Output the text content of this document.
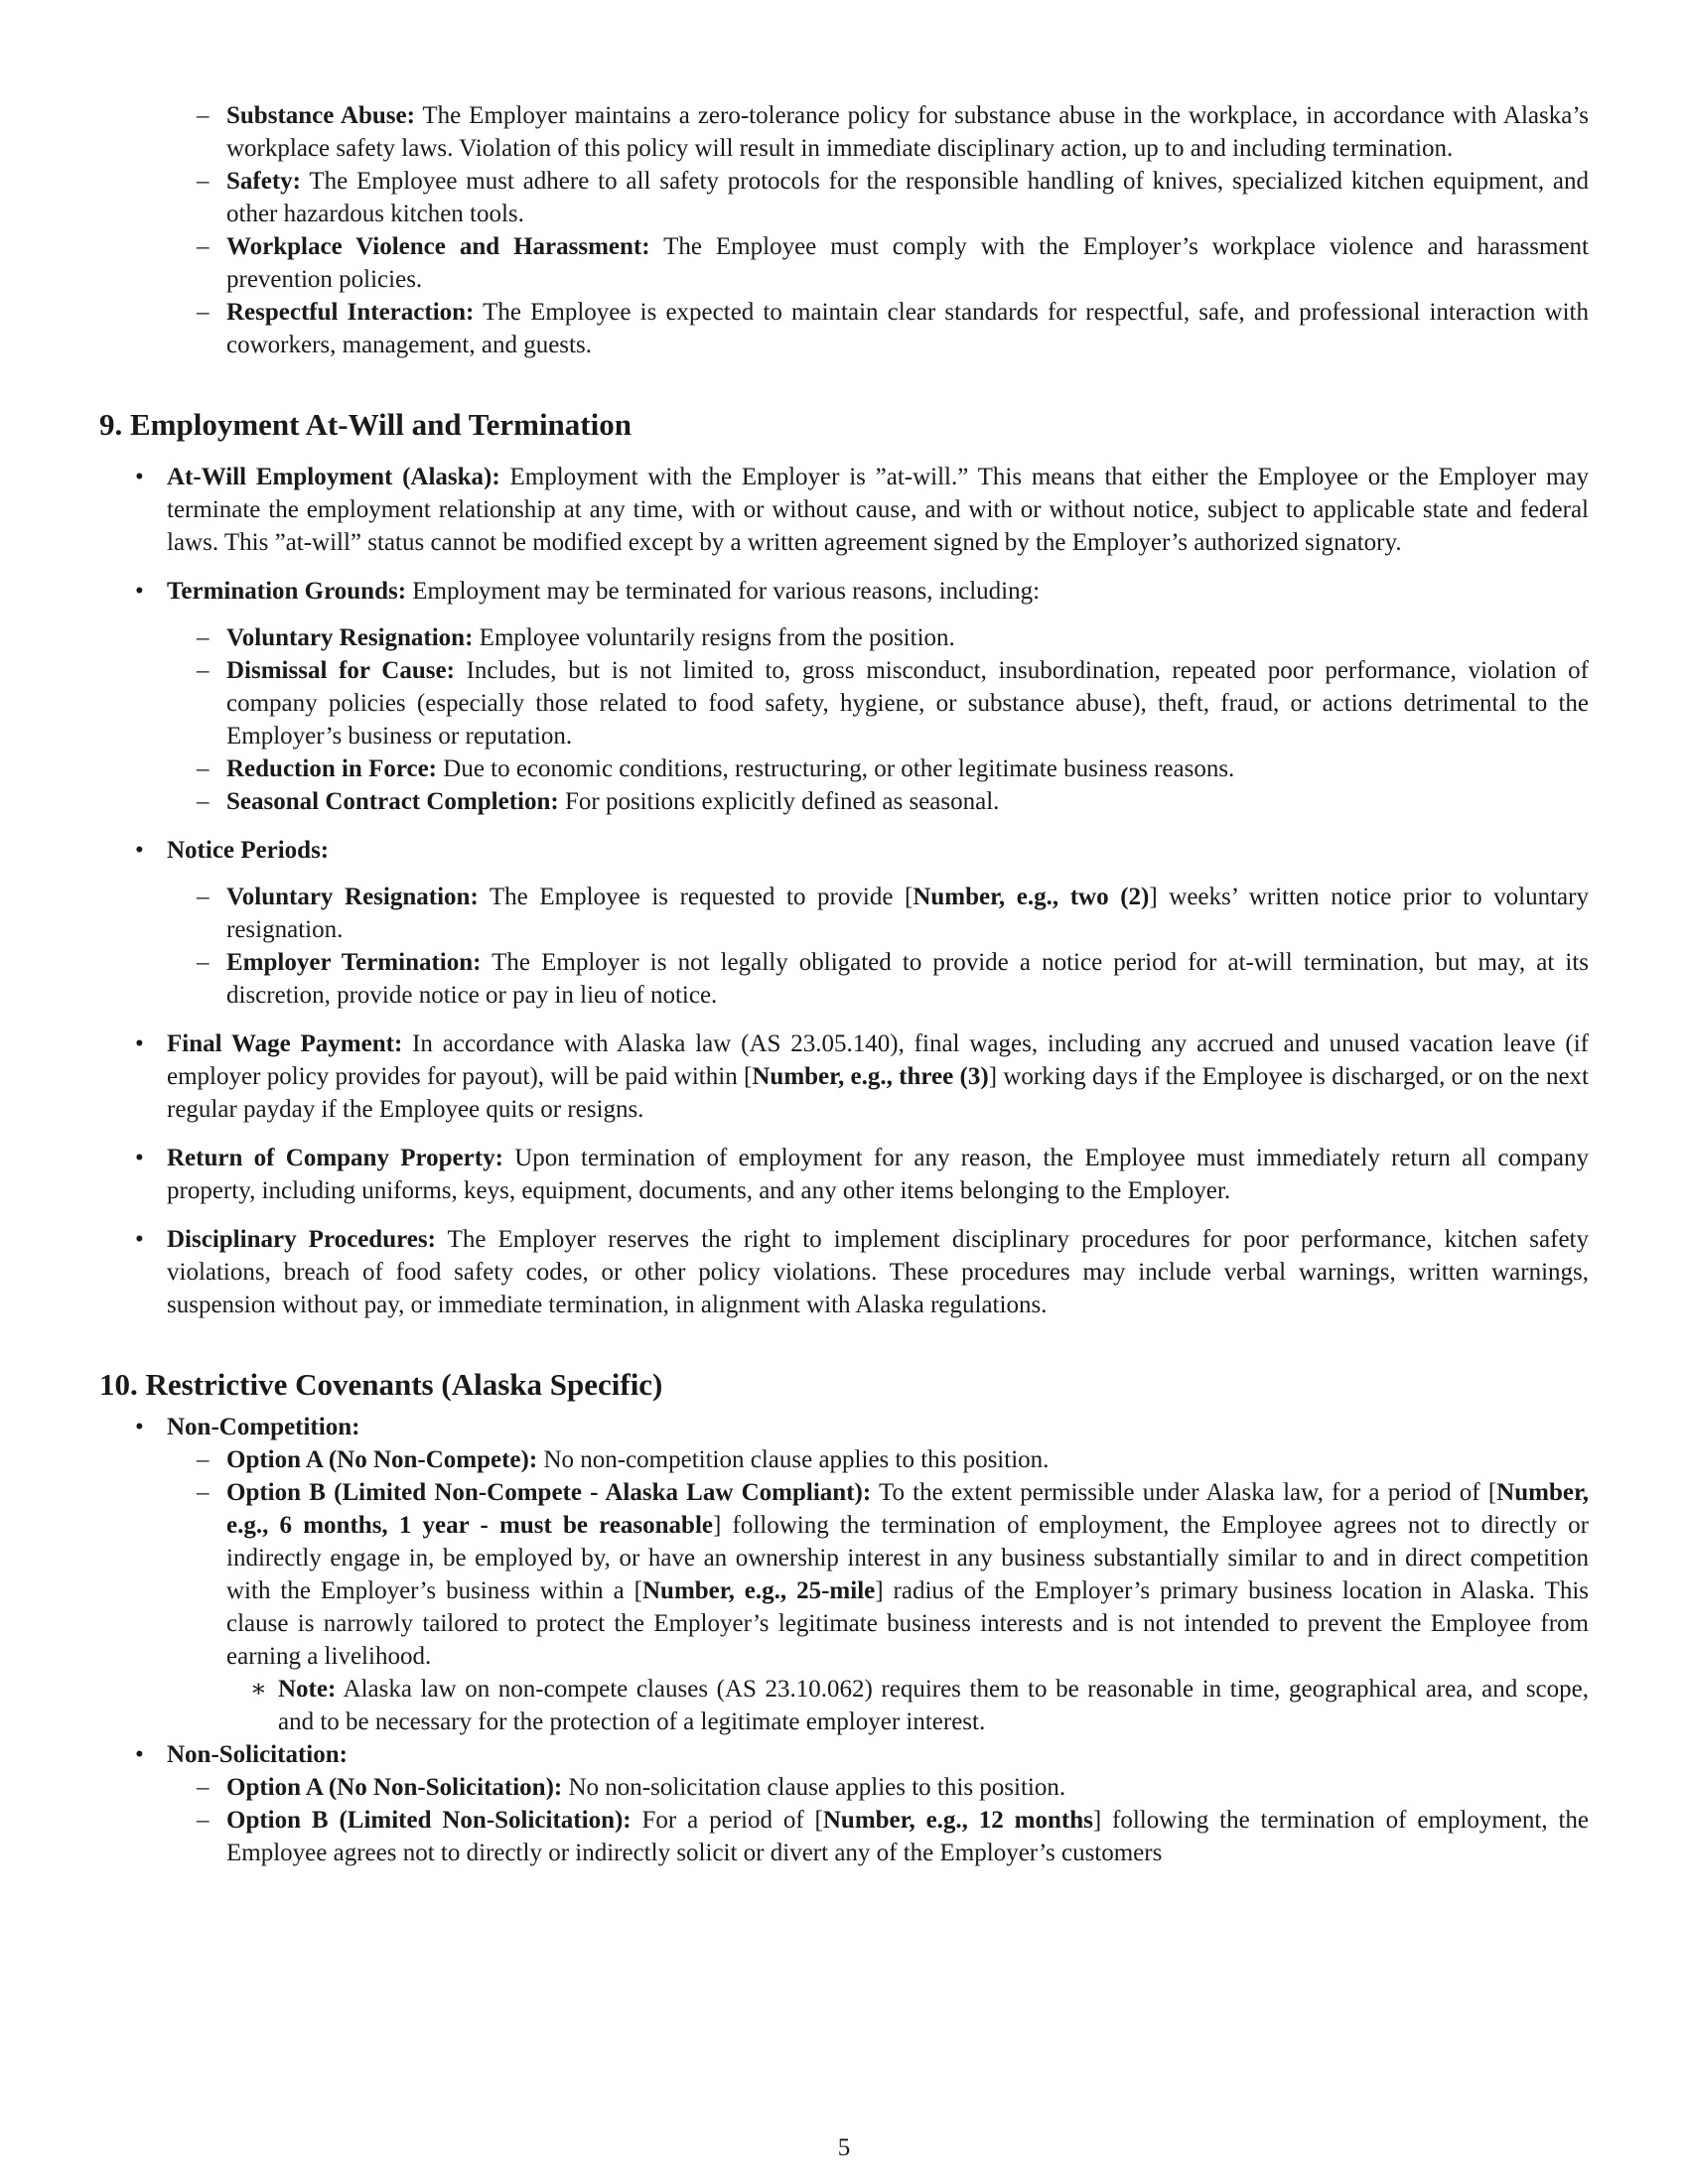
– Substance Abuse: The Employer maintains a zero-tolerance policy for substance abuse in the workplace, in accordance with Alaska’s workplace safety laws. Violation of this policy will result in immediate disciplinary action, up to and including termination.
– Safety: The Employee must adhere to all safety protocols for the responsible handling of knives, specialized kitchen equipment, and other hazardous kitchen tools.
– Workplace Violence and Harassment: The Employee must comply with the Employer’s workplace violence and harassment prevention policies.
– Respectful Interaction: The Employee is expected to maintain clear standards for respectful, safe, and professional interaction with coworkers, management, and guests.
9. Employment At-Will and Termination
• At-Will Employment (Alaska): Employment with the Employer is ”at-will.” This means that either the Employee or the Employer may terminate the employment relationship at any time, with or without cause, and with or without notice, subject to applicable state and federal laws. This ”at-will” status cannot be modified except by a written agreement signed by the Employer’s authorized signatory.
• Termination Grounds: Employment may be terminated for various reasons, including:
– Voluntary Resignation: Employee voluntarily resigns from the position.
– Dismissal for Cause: Includes, but is not limited to, gross misconduct, insubordination, repeated poor performance, violation of company policies (especially those related to food safety, hygiene, or substance abuse), theft, fraud, or actions detrimental to the Employer’s business or reputation.
– Reduction in Force: Due to economic conditions, restructuring, or other legitimate business reasons.
– Seasonal Contract Completion: For positions explicitly defined as seasonal.
• Notice Periods:
– Voluntary Resignation: The Employee is requested to provide [Number, e.g., two (2)] weeks’ written notice prior to voluntary resignation.
– Employer Termination: The Employer is not legally obligated to provide a notice period for at-will termination, but may, at its discretion, provide notice or pay in lieu of notice.
• Final Wage Payment: In accordance with Alaska law (AS 23.05.140), final wages, including any accrued and unused vacation leave (if employer policy provides for payout), will be paid within [Number, e.g., three (3)] working days if the Employee is discharged, or on the next regular payday if the Employee quits or resigns.
• Return of Company Property: Upon termination of employment for any reason, the Employee must immediately return all company property, including uniforms, keys, equipment, documents, and any other items belonging to the Employer.
• Disciplinary Procedures: The Employer reserves the right to implement disciplinary procedures for poor performance, kitchen safety violations, breach of food safety codes, or other policy violations. These procedures may include verbal warnings, written warnings, suspension without pay, or immediate termination, in alignment with Alaska regulations.
10. Restrictive Covenants (Alaska Specific)
• Non-Competition:
– Option A (No Non-Compete): No non-competition clause applies to this position.
– Option B (Limited Non-Compete - Alaska Law Compliant): To the extent permissible under Alaska law, for a period of [Number, e.g., 6 months, 1 year - must be reasonable] following the termination of employment, the Employee agrees not to directly or indirectly engage in, be employed by, or have an ownership interest in any business substantially similar to and in direct competition with the Employer’s business within a [Number, e.g., 25-mile] radius of the Employer’s primary business location in Alaska. This clause is narrowly tailored to protect the Employer’s legitimate business interests and is not intended to prevent the Employee from earning a livelihood.
∗ Note: Alaska law on non-compete clauses (AS 23.10.062) requires them to be reasonable in time, geographical area, and scope, and to be necessary for the protection of a legitimate employer interest.
• Non-Solicitation:
– Option A (No Non-Solicitation): No non-solicitation clause applies to this position.
– Option B (Limited Non-Solicitation): For a period of [Number, e.g., 12 months] following the termination of employment, the Employee agrees not to directly or indirectly solicit or divert any of the Employer’s customers
5
